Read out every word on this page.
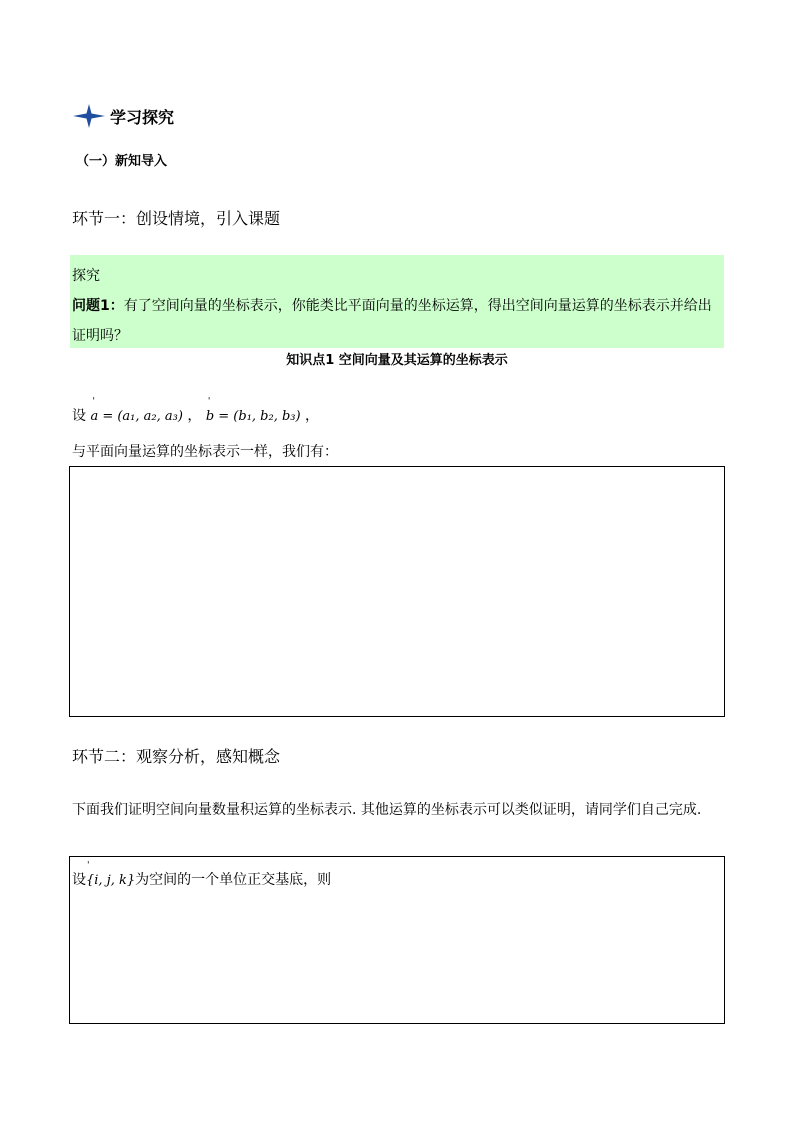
学习探究
（一）新知导入
环节一：创设情境，引入课题
探究
问题1：有了空间向量的坐标表示，你能类比平面向量的坐标运算，得出空间向量运算的坐标表示并给出证明吗？
知识点1 空间向量及其运算的坐标表示
设 ' a = (a₁, a₂, a₃) ， ' b = (b₁, b₂, b₃) ，
与平面向量运算的坐标表示一样，我们有：
环节二：观察分析，感知概念
下面我们证明空间向量数量积运算的坐标表示. 其他运算的坐标表示可以类似证明，请同学们自己完成.
设' {i, j, k}为空间的一个单位正交基底，则
